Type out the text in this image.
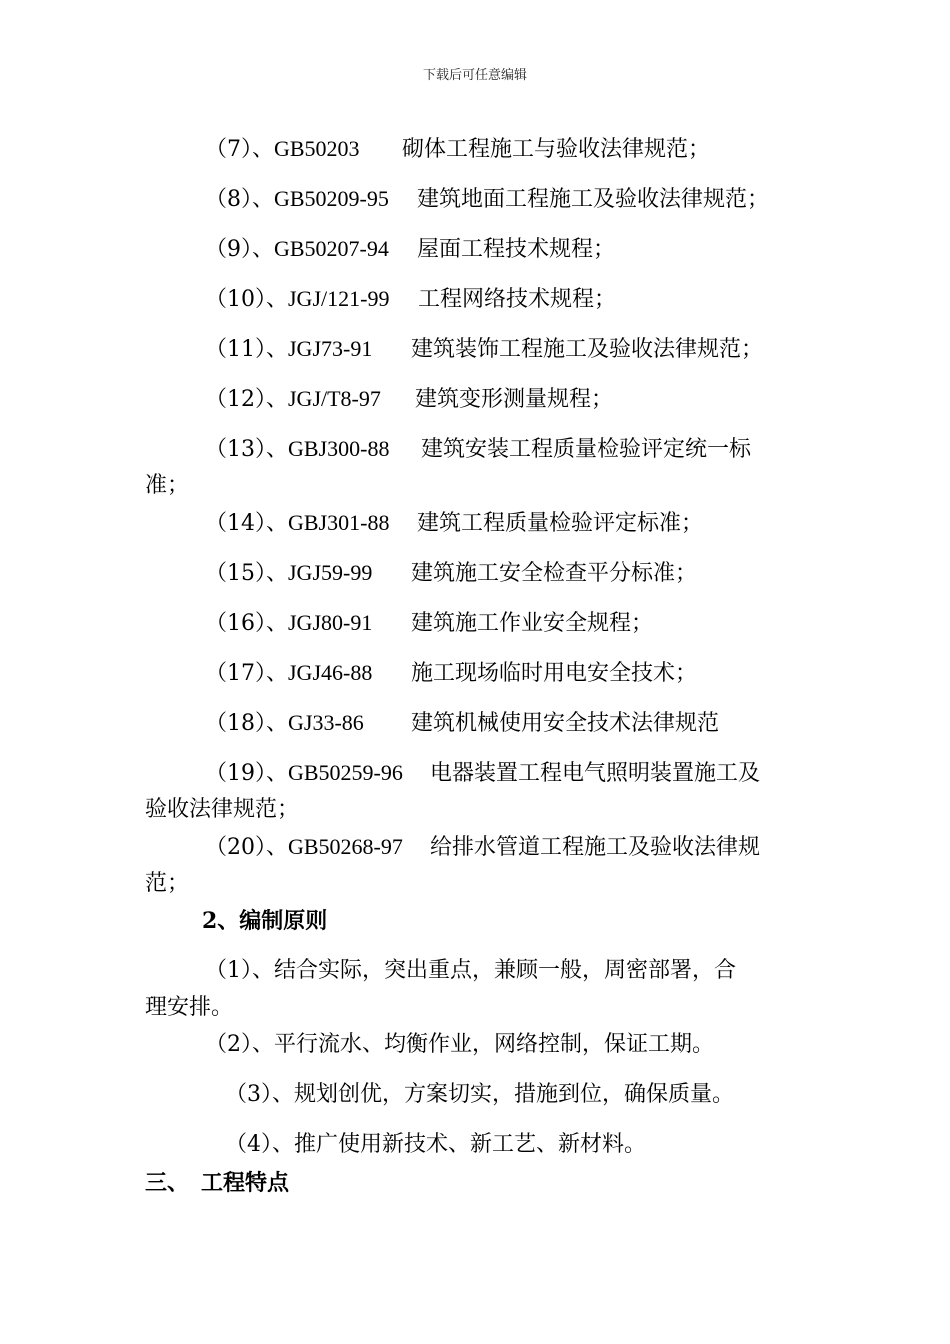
下载后可任意编辑
（7）、GB50203 砌体工程施工与验收法律规范；
（8）、GB50209-95 建筑地面工程施工及验收法律规范；
（9）、GB50207-94 屋面工程技术规程；
（10）、JGJ/121-99 工程网络技术规程；
（11）、JGJ73-91 建筑装饰工程施工及验收法律规范；
（12）、JGJ/T8-97 建筑变形测量规程；
（13）、GBJ300-88 建筑安装工程质量检验评定统一标
准；
（14）、GBJ301-88 建筑工程质量检验评定标准；
（15）、JGJ59-99 建筑施工安全检查平分标准；
（16）、JGJ80-91 建筑施工作业安全规程；
（17）、JGJ46-88 施工现场临时用电安全技术；
（18）、GJ33-86 建筑机械使用安全技术法律规范
（19）、GB50259-96 电器装置工程电气照明装置施工及
验收法律规范；
（20）、GB50268-97 给排水管道工程施工及验收法律规
范；
2、编制原则
（1）、结合实际，突出重点，兼顾一般，周密部署，合
理安排。
（2）、平行流水、均衡作业，网络控制，保证工期。
（3）、规划创优，方案切实，措施到位，确保质量。
（4）、推广使用新技术、新工艺、新材料。
三、 工程特点
